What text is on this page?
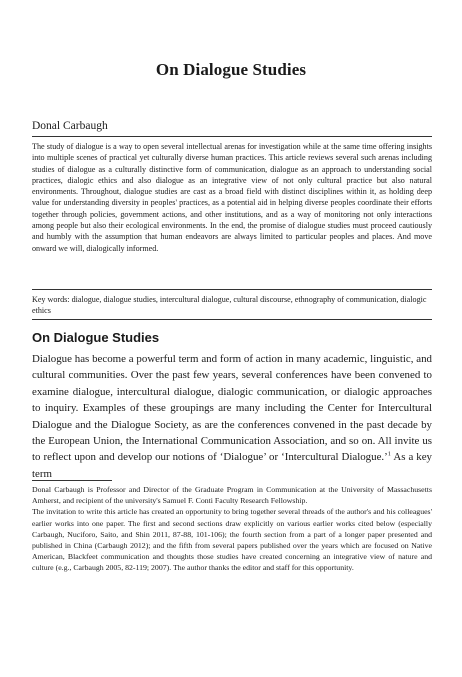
On Dialogue Studies
Donal Carbaugh
The study of dialogue is a way to open several intellectual arenas for investigation while at the same time offering insights into multiple scenes of practical yet culturally diverse human practices. This article reviews several such arenas including studies of dialogue as a culturally distinctive form of communication, dialogue as an approach to understanding social practices, dialogic ethics and also dialogue as an integrative view of not only cultural practice but also natural environments. Throughout, dialogue studies are cast as a broad field with distinct disciplines within it, as holding deep value for understanding diversity in peoples' practices, as a potential aid in helping diverse peoples coordinate their efforts together through policies, government actions, and other institutions, and as a way of monitoring not only interactions among people but also their ecological environments. In the end, the promise of dialogue studies must proceed cautiously and humbly with the assumption that human endeavors are always limited to particular peoples and places. And move onward we will, dialogically informed.
Key words: dialogue, dialogue studies, intercultural dialogue, cultural discourse, ethnography of communication, dialogic ethics
On Dialogue Studies
Dialogue has become a powerful term and form of action in many academic, linguistic, and cultural communities. Over the past few years, several conferences have been convened to examine dialogue, intercultural dialogue, dialogic communication, or dialogic approaches to inquiry. Examples of these groupings are many including the Center for Intercultural Dialogue and the Dialogue Society, as are the conferences convened in the past decade by the European Union, the International Communication Association, and so on. All invite us to reflect upon and develop our notions of ‘Dialogue’ or ‘Intercultural Dialogue.’$^1$ As a key term

Donal Carbaugh is Professor and Director of the Graduate Program in Communication at the University of Massachusetts Amherst, and recipient of the university's Samuel F. Conti Faculty Research Fellowship.

The invitation to write this article has created an opportunity to bring together several threads of the author's and his colleagues' earlier works into one paper. The first and second sections draw explicitly on various earlier works cited below (especially Carbaugh, Nuciforo, Saito, and Shin 2011, 87-88, 101-106); the fourth section from a part of a longer paper presented and published in China (Carbaugh 2012); and the fifth from several papers published over the years which are focused on Native American, Blackfeet communication and thoughts those studies have created concerning an integrative view of nature and culture (e.g., Carbaugh 2005, 82-119; 2007). The author thanks the editor and staff for this opportunity.
